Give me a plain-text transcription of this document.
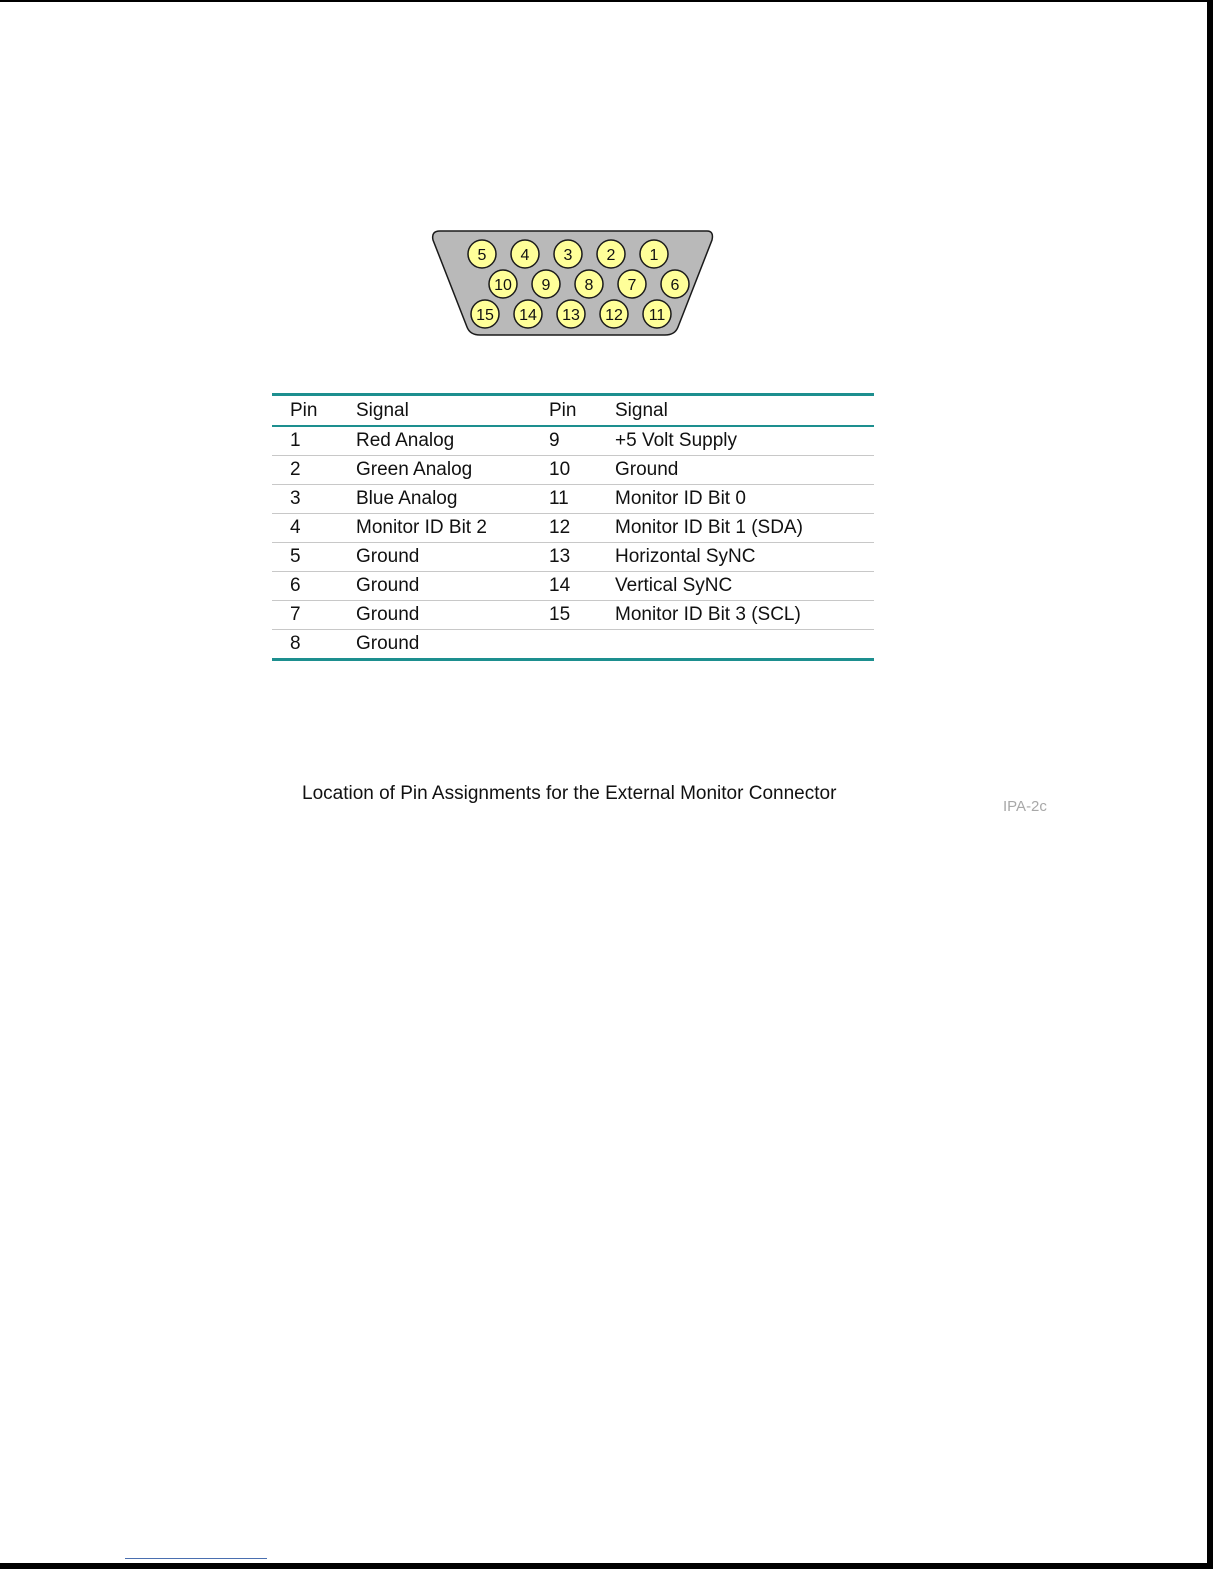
5 4 3 2 1
10 9 8 7 6
15 14 13 12 11
Pin	Signal	Pin	Signal
1	Red Analog	9	+5 Volt Supply
2	Green Analog	10	Ground
3	Blue Analog	11	Monitor ID Bit 0
4	Monitor ID Bit 2	12	Monitor ID Bit 1 (SDA)
5	Ground	13	Horizontal SyNC
6	Ground	14	Vertical SyNC
7	Ground	15	Monitor ID Bit 3 (SCL)
8	Ground		
Location of Pin Assignments for the External Monitor Connector
IPA-2c
